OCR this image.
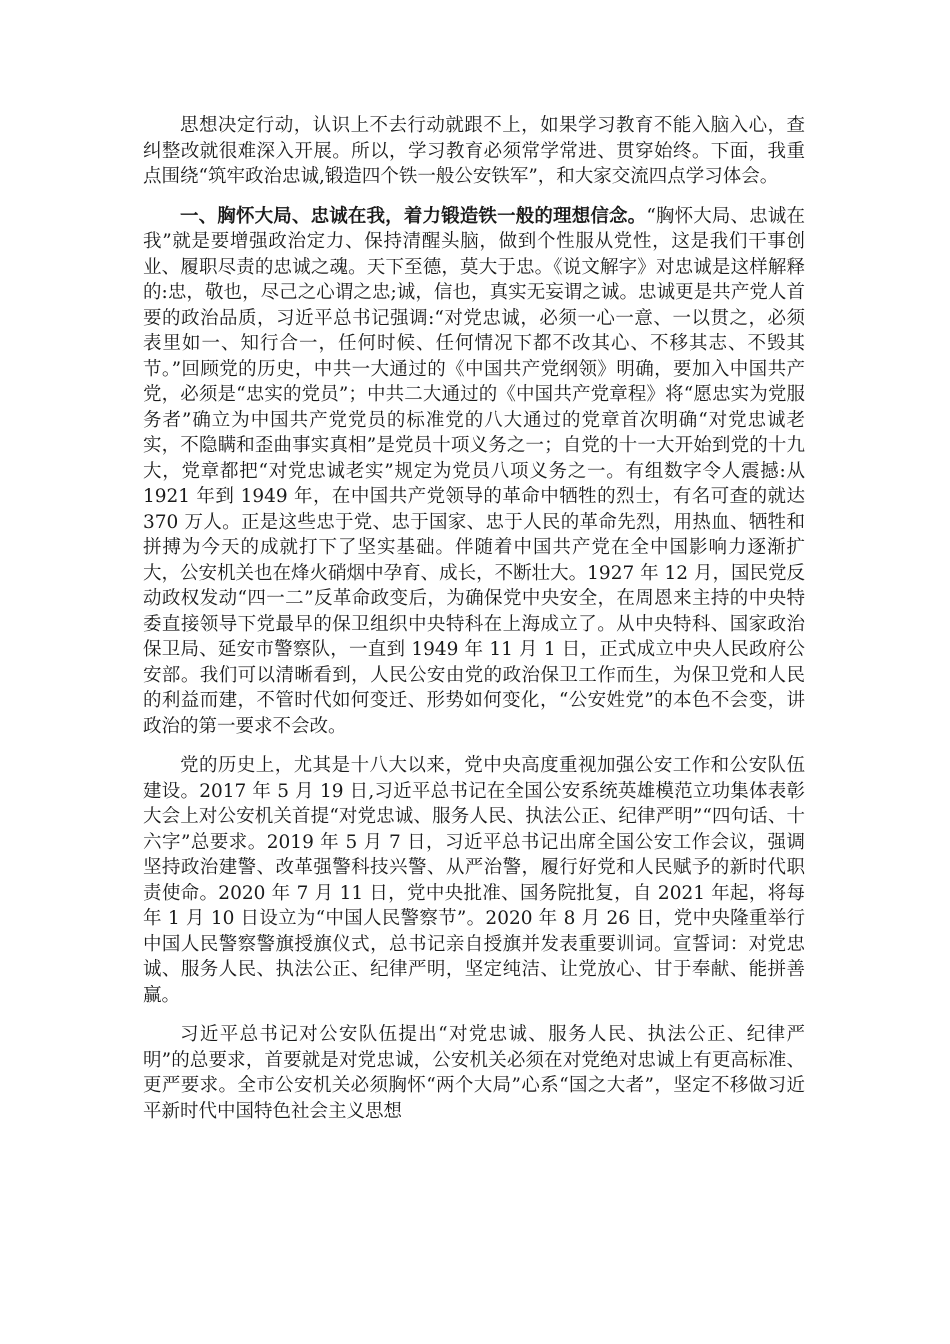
思想决定行动，认识上不去行动就跟不上，如果学习教育不能入脑入心，查纠整改就很难深入开展。所以，学习教育必须常学常进、贯穿始终。下面，我重点围绕“筑牢政治忠诚,锻造四个铁一般公安铁军”，和大家交流四点学习体会。

一、胸怀大局、忠诚在我，着力锻造铁一般的理想信念。“胸怀大局、忠诚在我”就是要增强政治定力、保持清醒头脑，做到个性服从党性，这是我们干事创业、履职尽责的忠诚之魂。天下至德，莫大于忠。《说文解字》对忠诚是这样解释的:忠，敬也，尽己之心谓之忠;诚，信也，真实无妄谓之诚。忠诚更是共产党人首要的政治品质，习近平总书记强调:“对党忠诚，必须一心一意、一以贯之，必须表里如一、知行合一，任何时候、任何情况下都不改其心、不移其志、不毁其节。”回顾党的历史，中共一大通过的《中国共产党纲领》明确，要加入中国共产党，必须是“忠实的党员”；中共二大通过的《中国共产党章程》将“愿忠实为党服务者”确立为中国共产党党员的标准党的八大通过的党章首次明确“对党忠诚老实，不隐瞒和歪曲事实真相”是党员十项义务之一；自党的十一大开始到党的十九大，党章都把“对党忠诚老实”规定为党员八项义务之一。有组数字令人震撼:从 1921 年到 1949 年，在中国共产党领导的革命中牺牲的烈士，有名可查的就达 370 万人。正是这些忠于党、忠于国家、忠于人民的革命先烈，用热血、牺牲和拼搏为今天的成就打下了坚实基础。伴随着中国共产党在全中国影响力逐渐扩大，公安机关也在烽火硝烟中孕育、成长，不断壮大。1927 年 12 月，国民党反动政权发动“四一二”反革命政变后，为确保党中央安全，在周恩来主持的中央特委直接领导下党最早的保卫组织中央特科在上海成立了。从中央特科、国家政治保卫局、延安市警察队，一直到 1949 年 11 月 1 日，正式成立中央人民政府公安部。我们可以清晰看到，人民公安由党的政治保卫工作而生，为保卫党和人民的利益而建，不管时代如何变迁、形势如何变化，“公安姓党”的本色不会变，讲政治的第一要求不会改。

党的历史上，尤其是十八大以来，党中央高度重视加强公安工作和公安队伍建设。2017 年 5 月 19 日,习近平总书记在全国公安系统英雄模范立功集体表彰大会上对公安机关首提“对党忠诚、服务人民、执法公正、纪律严明”“四句话、十六字”总要求。2019 年 5 月 7 日，习近平总书记出席全国公安工作会议，强调坚持政治建警、改革强警科技兴警、从严治警，履行好党和人民赋予的新时代职责使命。2020 年 7 月 11 日，党中央批准、国务院批复，自 2021 年起，将每年 1 月 10 日设立为“中国人民警察节”。2020 年 8 月 26 日，党中央隆重举行中国人民警察警旗授旗仪式，总书记亲自授旗并发表重要训词。宣誓词：对党忠诚、服务人民、执法公正、纪律严明，坚定纯洁、让党放心、甘于奉献、能拼善赢。

习近平总书记对公安队伍提出“对党忠诚、服务人民、执法公正、纪律严明”的总要求，首要就是对党忠诚，公安机关必须在对党绝对忠诚上有更高标准、更严要求。全市公安机关必须胸怀“两个大局”心系“国之大者”，坚定不移做习近平新时代中国特色社会主义思想
